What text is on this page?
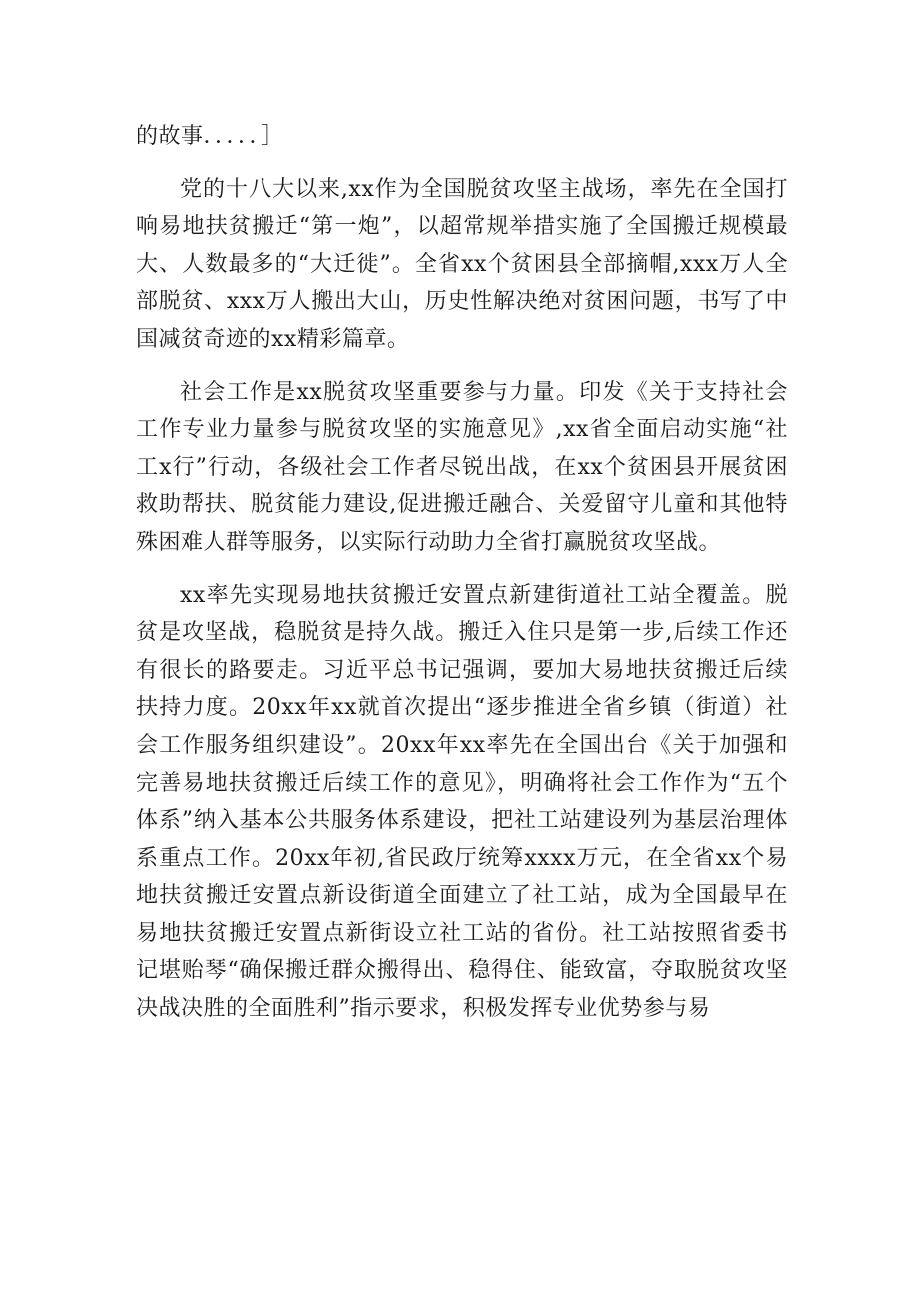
的故事．．．．．］

党的十八大以来,xx作为全国脱贫攻坚主战场，率先在全国打响易地扶贫搬迁“第一炮”，以超常规举措实施了全国搬迁规模最大、人数最多的“大迁徙”。全省xx个贫困县全部摘帽,xxx万人全部脱贫、xxx万人搬出大山，历史性解决绝对贫困问题，书写了中国减贫奇迹的xx精彩篇章。

社会工作是xx脱贫攻坚重要参与力量。印发《关于支持社会工作专业力量参与脱贫攻坚的实施意见》,xx省全面启动实施“社工x行”行动，各级社会工作者尽锐出战，在xx个贫困县开展贫困救助帮扶、脱贫能力建设,促进搬迁融合、关爱留守儿童和其他特殊困难人群等服务，以实际行动助力全省打赢脱贫攻坚战。

xx率先实现易地扶贫搬迁安置点新建街道社工站全覆盖。脱贫是攻坚战，稳脱贫是持久战。搬迁入住只是第一步,后续工作还有很长的路要走。习近平总书记强调，要加大易地扶贫搬迁后续扶持力度。20xx年xx就首次提出“逐步推进全省乡镇（街道）社会工作服务组织建设”。20xx年xx率先在全国出台《关于加强和完善易地扶贫搬迁后续工作的意见》，明确将社会工作作为“五个体系”纳入基本公共服务体系建设，把社工站建设列为基层治理体系重点工作。20xx年初,省民政厅统筹xxxx万元，在全省xx个易地扶贫搬迁安置点新设街道全面建立了社工站，成为全国最早在易地扶贫搬迁安置点新街设立社工站的省份。社工站按照省委书记堪贻琴“确保搬迁群众搬得出、稳得住、能致富，夺取脱贫攻坚决战决胜的全面胜利”指示要求，积极发挥专业优势参与易
